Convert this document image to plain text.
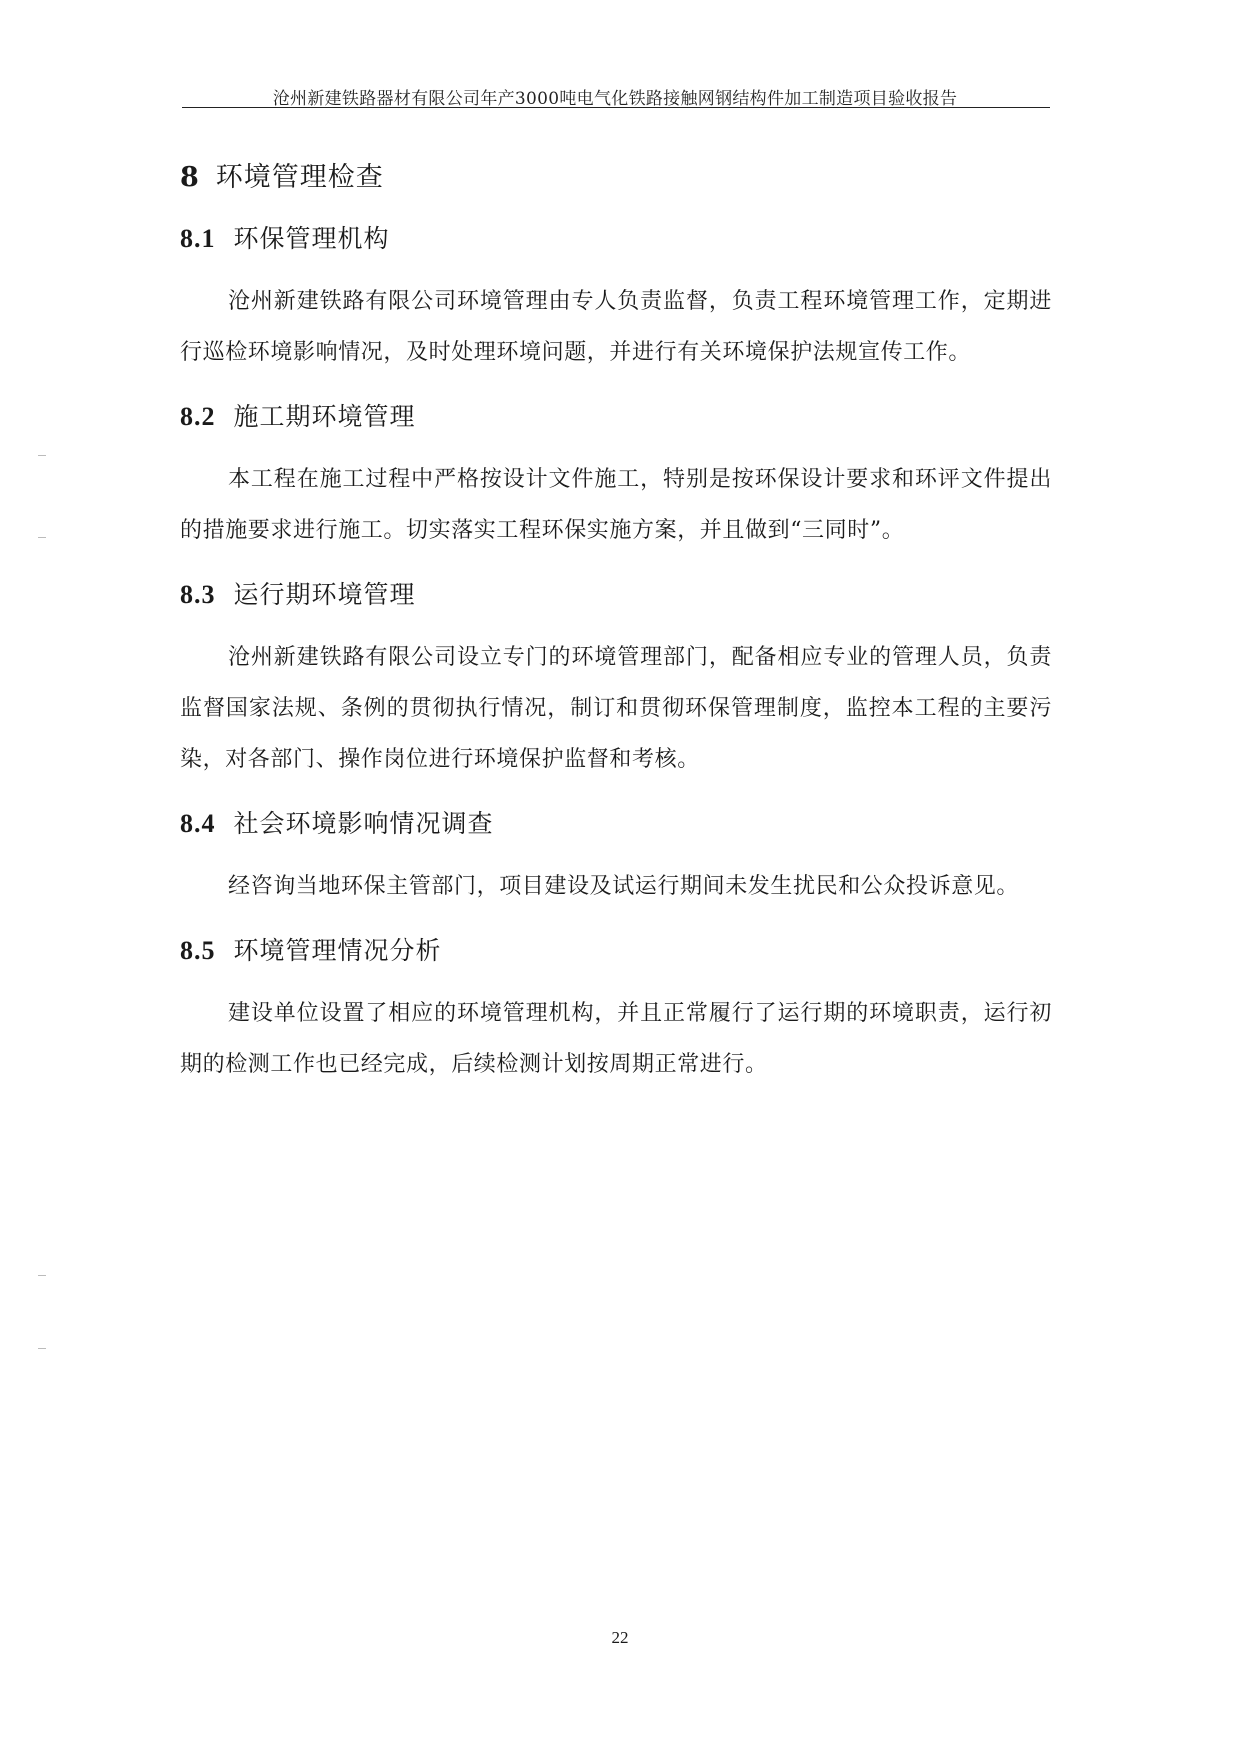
沧州新建铁路器材有限公司年产3000吨电气化铁路接触网钢结构件加工制造项目验收报告
8 环境管理检查
8.1 环保管理机构

沧州新建铁路有限公司环境管理由专人负责监督，负责工程环境管理工作，定期进行巡检环境影响情况，及时处理环境问题，并进行有关环境保护法规宣传工作。

8.2 施工期环境管理

本工程在施工过程中严格按设计文件施工，特别是按环保设计要求和环评文件提出的措施要求进行施工。切实落实工程环保实施方案，并且做到“三同时”。

8.3 运行期环境管理

沧州新建铁路有限公司设立专门的环境管理部门，配备相应专业的管理人员，负责监督国家法规、条例的贯彻执行情况，制订和贯彻环保管理制度，监控本工程的主要污染，对各部门、操作岗位进行环境保护监督和考核。

8.4 社会环境影响情况调查

经咨询当地环保主管部门，项目建设及试运行期间未发生扰民和公众投诉意见。

8.5 环境管理情况分析

建设单位设置了相应的环境管理机构，并且正常履行了运行期的环境职责，运行初期的检测工作也已经完成，后续检测计划按周期正常进行。

22
